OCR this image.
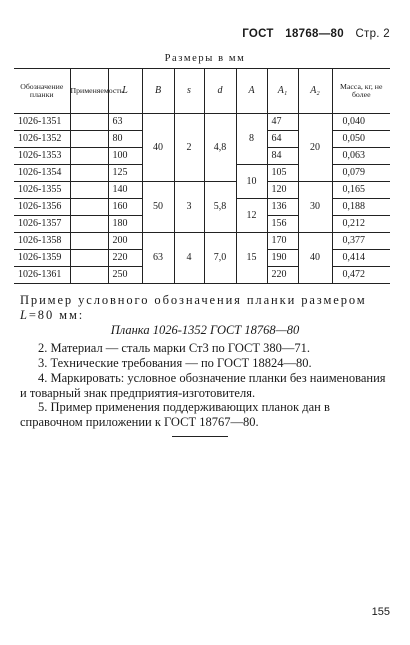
ГОСТ 18768—80 Стр. 2
Размеры в мм
Обозначение планки	Применяемость	L	B	s	d	A	A₁	A₂	Масса, кг, не более
1026-1351		63	40	2	4,8	8	47	20	0,040
1026-1352		80					64		0,050
1026-1353		100					84		0,063
1026-1354		125				10	105		0,079
1026-1355		140	50	3	5,8		120	30	0,165
1026-1356		160				12	136		0,188
1026-1357		180					156		0,212
1026-1358		200	63	4	7,0	15	170	40	0,377
1026-1359		220					190		0,414
1026-1361		250					220		0,472
Пример условного обозначения планки размером L=80 мм:
Планка 1026-1352 ГОСТ 18768—80
2. Материал — сталь марки Ст3 по ГОСТ 380—71.
3. Технические требования — по ГОСТ 18824—80.
4. Маркировать: условное обозначение планки без наименования и товарный знак предприятия-изготовителя.
5. Пример применения поддерживающих планок дан в справочном приложении к ГОСТ 18767—80.
155
